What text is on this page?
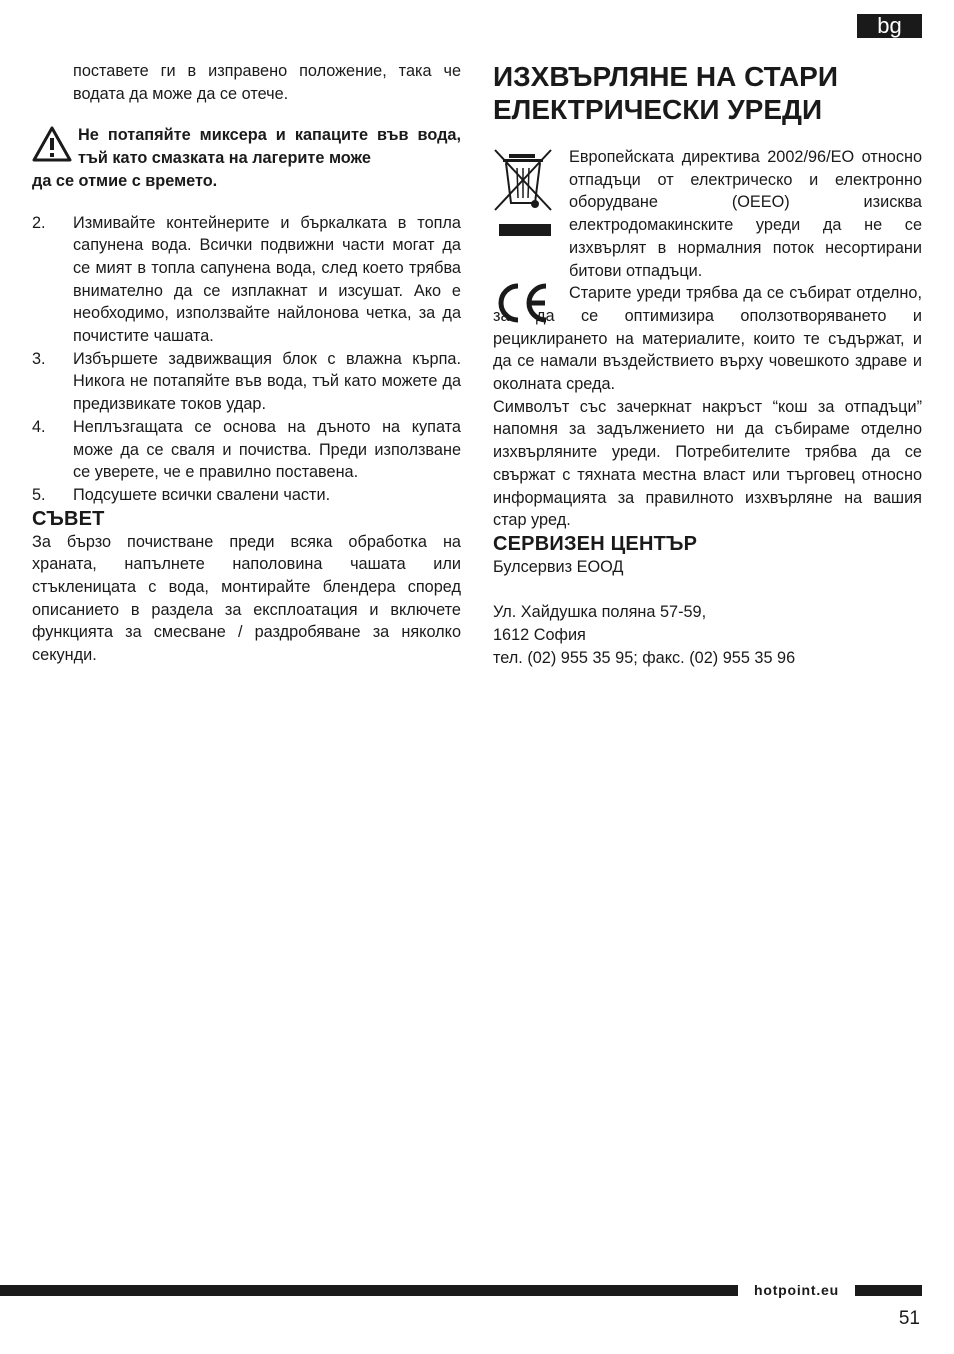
bg

поставете ги в изправено положение, така че водата да може да се отече.

Не потапяйте миксера и капаците във вода, тъй като смазката на лагерите може
да се отмие с времето.
2.	Измивайте контейнерите и бъркалката в топла сапунена вода. Всички подвижни части могат да се мият в топла сапунена вода, след което трябва внимателно да се изплакнат и изсушат. Ако е необходимо, използвайте найлонова четка, за да почистите чашата.
3.	Избършете задвижващия блок с влажна кърпа. Никога не потапяйте във вода, тъй като можете да предизвикате токов удар.
4.	Неплъзгащата се основа на дъното на купата може да се сваля и почиства. Преди използване се уверете, че е правилно поставена.
5.	Подсушете всички свалени части.
СЪВЕТ

За бързо почистване преди всяка обработка на храната, напълнете наполовина чашата или стъкленицата с вода, монтирайте блендера според описанието в раздела за експлоатация и включете функцията за смесване / раздробяване за няколко секунди.

ИЗХВЪРЛЯНЕ НА СТАРИ
ЕЛЕКТРИЧЕСКИ УРЕДИ

Европейската директива 2002/96/ЕО относно отпадъци от електрическо и електронно оборудване (ОЕЕО) изисква електродомакинските уреди да не се изхвърлят в нормалния поток несортирани битови отпадъци.

Старите уреди трябва да се събират отделно, за да се оптимизира оползотворяването и рециклирането на материалите, които те съдържат, и да се намали въздействието върху човешкото здраве и околната среда.

Символът със зачеркнат накръст “кош за отпадъци” напомня за задължението ни да събираме отделно изхвърляните уреди. Потребителите трябва да се свържат с тяхната местна власт или търговец относно информацията за правилното изхвърляне на вашия стар уред.

СЕРВИЗЕН ЦЕНТЪР

Булсервиз ЕООД

Ул. Хайдушка поляна 57-59,

1612 София

тел. (02) 955 35 95; факс. (02) 955 35 96

hotpoint.eu
51
